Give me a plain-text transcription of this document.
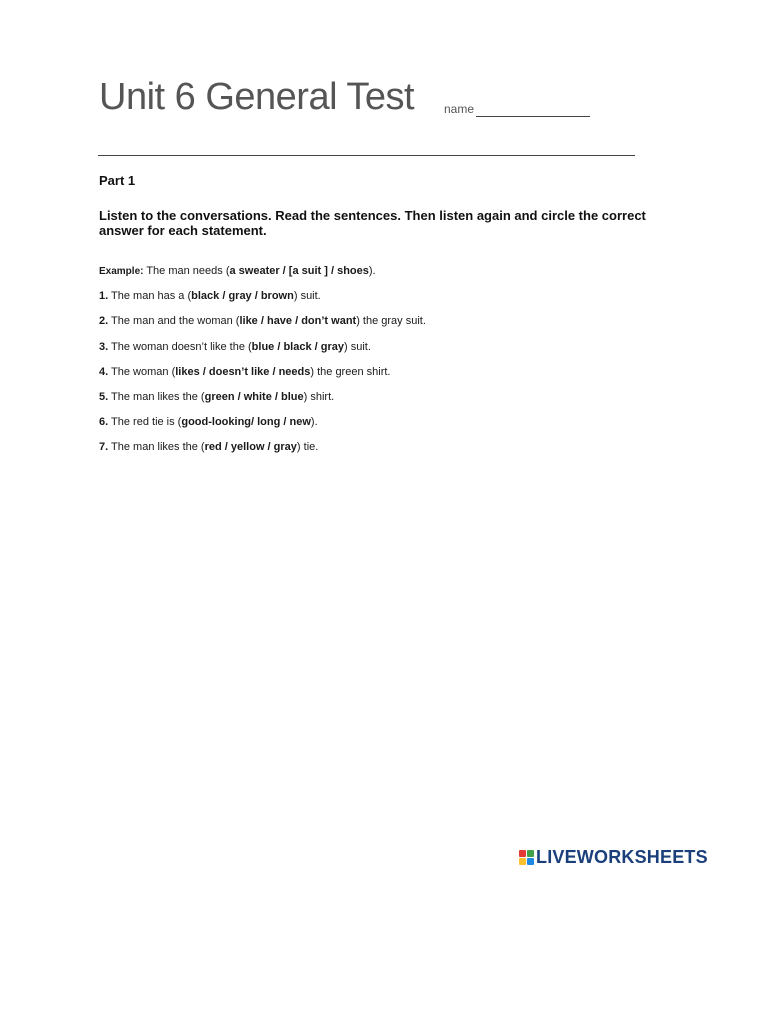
Unit 6 General Test name
Part 1
Listen to the conversations. Read the sentences. Then listen again and circle the correct answer for each statement.
Example: The man needs (a sweater / [a suit ] / shoes).
1. The man has a (black / gray / brown) suit.
2. The man and the woman (like / have / don’t want) the gray suit.
3. The woman doesn’t like the (blue / black / gray) suit.
4. The woman (likes / doesn’t like / needs) the green shirt.
5. The man likes the (green / white / blue) shirt.
6. The red tie is (good-looking/ long / new).
7. The man likes the (red / yellow / gray) tie.
LIVEWORKSHEETS
